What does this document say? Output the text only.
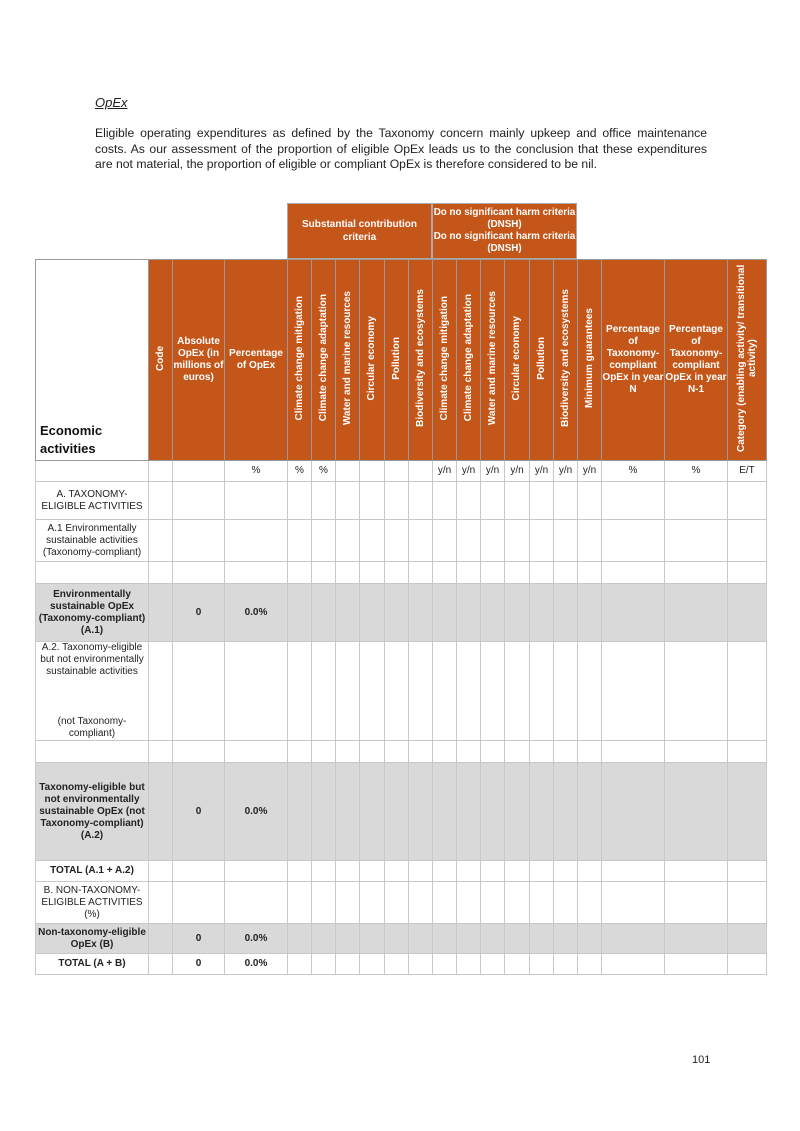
OpEx
Eligible operating expenditures as defined by the Taxonomy concern mainly upkeep and office maintenance costs. As our assessment of the proportion of eligible OpEx leads us to the conclusion that these expenditures are not material, the proportion of eligible or compliant OpEx is therefore considered to be nil.
Substantial contribution criteria
Do no significant harm criteria (DNSH)
Do no significant harm criteria (DNSH)
Economic activities	Code	Absolute OpEx (in millions of euros)	Percentage of OpEx	Climate change mitigation	Climate change adaptation	Water and marine resources	Circular economy	Pollution	Biodiversity and ecosystems	Climate change mitigation	Climate change adaptation	Water and marine resources	Circular economy	Pollution	Biodiversity and ecosystems	Minimum guarantees	Percentage of Taxonomy-compliant OpEx in year N	Percentage of Taxonomy-compliant OpEx in year N-1	Category (enabling activity/ transitional activity)
			%	%	%					y/n	y/n	y/n	y/n	y/n	y/n	y/n	%	%	E/T
A. TAXONOMY-ELIGIBLE ACTIVITIES																			
A.1 Environmentally sustainable activities (Taxonomy-compliant)																			

Environmentally sustainable OpEx (Taxonomy-compliant) (A.1)		0	0.0%																

A.2. Taxonomy-eligible but not environmentally sustainable activities
(not Taxonomy-compliant)																			

Taxonomy-eligible but not environmentally sustainable OpEx (not Taxonomy-compliant) (A.2)		0	0.0%																
TOTAL (A.1 + A.2)																			
B. NON-TAXONOMY-ELIGIBLE ACTIVITIES (%)																			
Non-taxonomy-eligible OpEx (B)		0	0.0%																
TOTAL (A + B)		0	0.0%																
101
